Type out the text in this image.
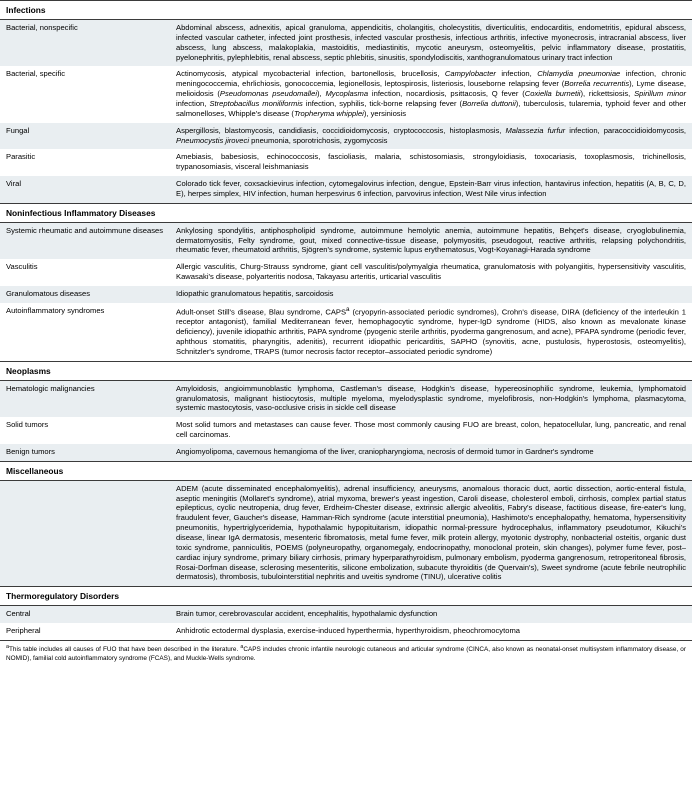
Infections	
Bacterial, nonspecific	Abdominal abscess, adnexitis, apical granuloma, appendicitis, cholangitis, cholecystitis, diverticulitis, endocarditis, endometritis, epidural abscess, infected vascular catheter, infected joint prosthesis, infected vascular prosthesis, infectious arthritis, infective myonecrosis, intracranial abscess, liver abscess, lung abscess, malakoplakia, mastoiditis, mediastinitis, mycotic aneurysm, osteomyelitis, pelvic inflammatory disease, prostatitis, pyelonephritis, pylephlebitis, renal abscess, septic phlebitis, sinusitis, spondylodiscitis, xanthogranulomatous urinary tract infection
Bacterial, specific	Actinomycosis, atypical mycobacterial infection, bartonellosis, brucellosis, Campylobacter infection, Chlamydia pneumoniae infection, chronic meningococcemia, ehrlichiosis, gonococcemia, legionellosis, leptospirosis, listeriosis, louseborne relapsing fever (Borrelia recurrentis), Lyme disease, melioidosis (Pseudomonas pseudomallei), Mycoplasma infection, nocardiosis, psittacosis, Q fever (Coxiella burnetii), rickettsiosis, Spirillum minor infection, Streptobacillus moniliformis infection, syphilis, tick-borne relapsing fever (Borrelia duttonii), tuberculosis, tularemia, typhoid fever and other salmonelloses, Whipple's disease (Tropheryma whipplei), yersiniosis
Fungal	Aspergillosis, blastomycosis, candidiasis, coccidioidomycosis, cryptococcosis, histoplasmosis, Malassezia furfur infection, paracoccidioidomycosis, Pneumocystis jiroveci pneumonia, sporotrichosis, zygomycosis
Parasitic	Amebiasis, babesiosis, echinococcosis, fascioliasis, malaria, schistosomiasis, strongyloidiasis, toxocariasis, toxoplasmosis, trichinellosis, trypanosomiasis, visceral leishmaniasis
Viral	Colorado tick fever, coxsackievirus infection, cytomegalovirus infection, dengue, Epstein-Barr virus infection, hantavirus infection, hepatitis (A, B, C, D, E), herpes simplex, HIV infection, human herpesvirus 6 infection, parvovirus infection, West Nile virus infection
Noninfectious Inflammatory Diseases	
Systemic rheumatic and autoimmune diseases	Ankylosing spondylitis, antiphospholipid syndrome, autoimmune hemolytic anemia, autoimmune hepatitis, Behçet's disease, cryoglobulinemia, dermatomyositis, Felty syndrome, gout, mixed connective-tissue disease, polymyositis, pseudogout, reactive arthritis, relapsing polychondritis, rheumatic fever, rheumatoid arthritis, Sjögren's syndrome, systemic lupus erythematosus, Vogt-Koyanagi-Harada syndrome
Vasculitis	Allergic vasculitis, Churg-Strauss syndrome, giant cell vasculitis/polymyalgia rheumatica, granulomatosis with polyangiitis, hypersensitivity vasculitis, Kawasaki's disease, polyarteritis nodosa, Takayasu arteritis, urticarial vasculitis
Granulomatous diseases	Idiopathic granulomatous hepatitis, sarcoidosis
Autoinflammatory syndromes	Adult-onset Still's disease, Blau syndrome, CAPS$^a$ (cryopyrin-associated periodic syndromes), Crohn's disease, DIRA (deficiency of the interleukin 1 receptor antagonist), familial Mediterranean fever, hemophagocytic syndrome, hyper-IgD syndrome (HIDS, also known as mevalonate kinase deficiency), juvenile idiopathic arthritis, PAPA syndrome (pyogenic sterile arthritis, pyoderma gangrenosum, and acne), PFAPA syndrome (periodic fever, aphthous stomatitis, pharyngitis, adenitis), recurrent idiopathic pericarditis, SAPHO (synovitis, acne, pustulosis, hyperostosis, osteomyelitis), Schnitzler's syndrome, TRAPS (tumor necrosis factor receptor–associated periodic syndrome)
Neoplasms	
Hematologic malignancies	Amyloidosis, angioimmunoblastic lymphoma, Castleman's disease, Hodgkin's disease, hypereosinophilic syndrome, leukemia, lymphomatoid granulomatosis, malignant histiocytosis, multiple myeloma, myelodysplastic syndrome, myelofibrosis, non-Hodgkin's lymphoma, plasmacytoma, systemic mastocytosis, vaso-occlusive crisis in sickle cell disease
Solid tumors	Most solid tumors and metastases can cause fever. Those most commonly causing FUO are breast, colon, hepatocellular, lung, pancreatic, and renal cell carcinomas.
Benign tumors	Angiomyolipoma, cavernous hemangioma of the liver, craniopharyngioma, necrosis of dermoid tumor in Gardner's syndrome
Miscellaneous	
	ADEM (acute disseminated encephalomyelitis), adrenal insufficiency, aneurysms, anomalous thoracic duct, aortic dissection, aortic-enteral fistula, aseptic meningitis (Mollaret's syndrome), atrial myxoma, brewer's yeast ingestion, Caroli disease, cholesterol emboli, cirrhosis, complex partial status epilepticus, cyclic neutropenia, drug fever, Erdheim-Chester disease, extrinsic allergic alveolitis, Fabry's disease, factitious disease, fire-eater's lung, fraudulent fever, Gaucher's disease, Hamman-Rich syndrome (acute interstitial pneumonia), Hashimoto's encephalopathy, hematoma, hypersensitivity pneumonitis, hypertriglyceridemia, hypothalamic hypopituitarism, idiopathic normal-pressure hydrocephalus, inflammatory pseudotumor, Kikuchi's disease, linear IgA dermatosis, mesenteric fibromatosis, metal fume fever, milk protein allergy, myotonic dystrophy, nonbacterial osteitis, organic dust toxic syndrome, panniculitis, POEMS (polyneuropathy, organomegaly, endocrinopathy, monoclonal protein, skin changes), polymer fume fever, post–cardiac injury syndrome, primary biliary cirrhosis, primary hyperparathyroidism, pulmonary embolism, pyoderma gangrenosum, retroperitoneal fibrosis, Rosai-Dorfman disease, sclerosing mesenteritis, silicone embolization, subacute thyroiditis (de Quervain's), Sweet syndrome (acute febrile neutrophilic dermatosis), thrombosis, tubulointerstitial nephritis and uveitis syndrome (TINU), ulcerative colitis
Thermoregulatory Disorders	
Central	Brain tumor, cerebrovascular accident, encephalitis, hypothalamic dysfunction
Peripheral	Anhidrotic ectodermal dysplasia, exercise-induced hyperthermia, hyperthyroidism, pheochromocytoma
$^a$This table includes all causes of FUO that have been described in the literature. $^a$CAPS includes chronic infantile neurologic cutaneous and articular syndrome (CINCA, also known as neonatal-onset multisystem inflammatory disease, or NOMID), familial cold autoinflammatory syndrome (FCAS), and Muckle-Wells syndrome.
